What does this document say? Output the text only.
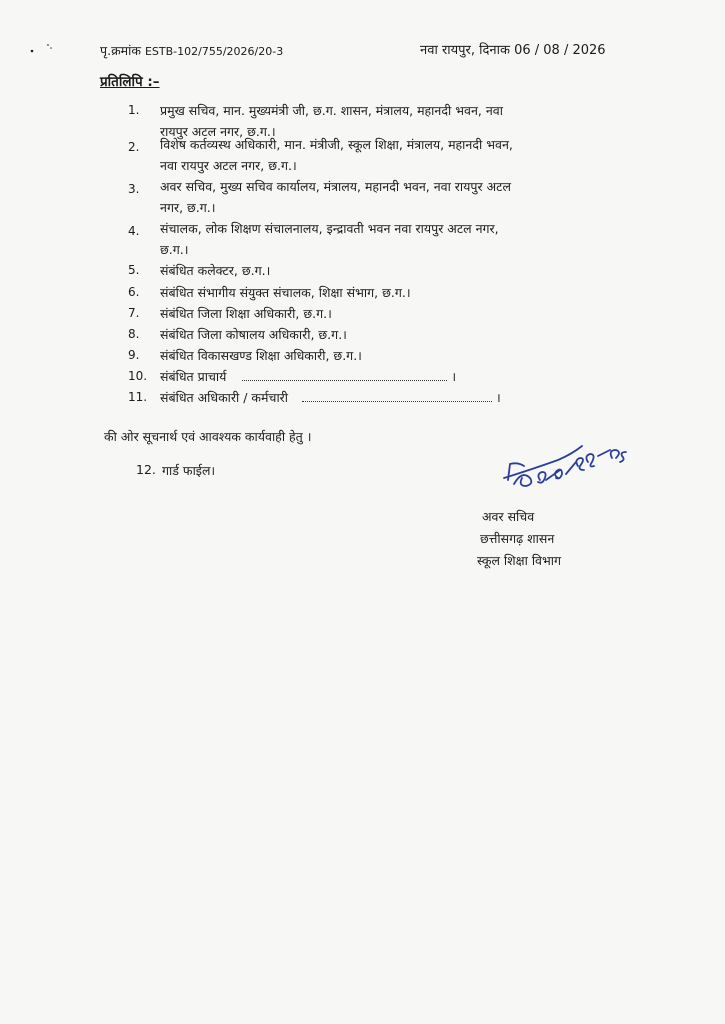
पृ.क्रमांक ESTB-102/755/2026/20-3	नवा रायपुर, दिनाक 06 / 08 / 2026
प्रतिलिपि :–
1.	प्रमुख सचिव, मान. मुख्यमंत्री जी, छ.ग. शासन, मंत्रालय, महानदी भवन, नवा
रायपुर अटल नगर, छ.ग.।
2.	विशेष कर्तव्यस्थ अधिकारी, मान. मंत्रीजी, स्कूल शिक्षा, मंत्रालय, महानदी भवन,
नवा रायपुर अटल नगर, छ.ग.।
3.	अवर सचिव, मुख्य सचिव कार्यालय, मंत्रालय, महानदी भवन, नवा रायपुर अटल
नगर, छ.ग.।
4.	संचालक, लोक शिक्षण संचालनालय, इन्द्रावती भवन नवा रायपुर अटल नगर,
छ.ग.।
5.	संबंधित कलेक्टर, छ.ग.।
6.	संबंधित संभागीय संयुक्त संचालक, शिक्षा संभाग, छ.ग.।
7.	संबंधित जिला शिक्षा अधिकारी, छ.ग.।
8.	संबंधित जिला कोषालय अधिकारी, छ.ग.।
9.	संबंधित विकासखण्ड शिक्षा अधिकारी, छ.ग.।
10.	संबंधित प्राचार्य	।
11.	संबंधित अधिकारी / कर्मचारी	।
की ओर सूचनार्थ एवं आवश्यक कार्यवाही हेतु ।
12. गार्ड फाईल।
अवर सचिव
छत्तीसगढ़ शासन
स्कूल शिक्षा विभाग
